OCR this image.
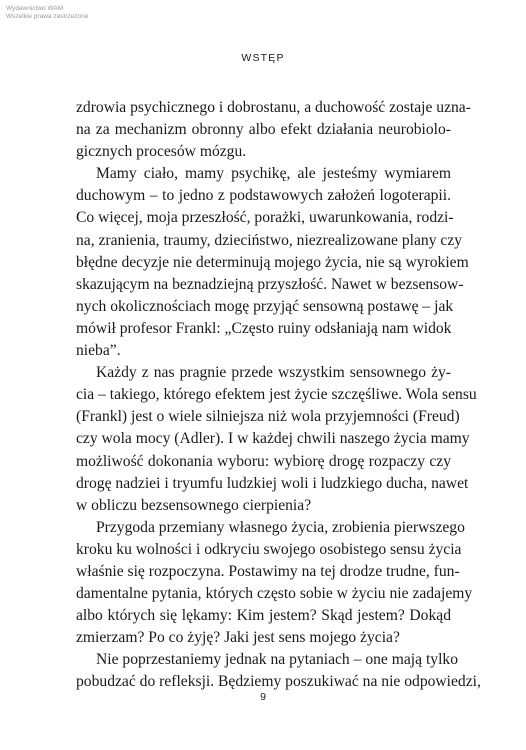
Wydawnictwo WAM
Wszelkie prawa zastrzeżone
WSTĘP

zdrowia psychicznego i dobrostanu, a duchowość zostaje uzna-
na za mechanizm obronny albo efekt działania neurobiolo-
gicznych procesów mózgu.

Mamy ciało, mamy psychikę, ale jesteśmy wymiarem
duchowym – to jedno z podstawowych założeń logoterapii.
Co więcej, moja przeszłość, porażki, uwarunkowania, rodzi-
na, zranienia, traumy, dzieciństwo, niezrealizowane plany czy
błędne decyzje nie determinują mojego życia, nie są wyrokiem
skazującym na beznadziejną przyszłość. Nawet w bezsensow-
nych okolicznościach mogę przyjąć sensowną postawę – jak
mówił profesor Frankl: „Często ruiny odsłaniają nam widok
nieba”.

Każdy z nas pragnie przede wszystkim sensownego ży-
cia – takiego, którego efektem jest życie szczęśliwe. Wola sensu
(Frankl) jest o wiele silniejsza niż wola przyjemności (Freud)
czy wola mocy (Adler). I w każdej chwili naszego życia mamy
możliwość dokonania wyboru: wybiorę drogę rozpaczy czy
drogę nadziei i tryumfu ludzkiej woli i ludzkiego ducha, nawet
w obliczu bezsensownego cierpienia?

Przygoda przemiany własnego życia, zrobienia pierwszego
kroku ku wolności i odkryciu swojego osobistego sensu życia
właśnie się rozpoczyna. Postawimy na tej drodze trudne, fun-
damentalne pytania, których często sobie w życiu nie zadajemy
albo których się lękamy: Kim jestem? Skąd jestem? Dokąd
zmierzam? Po co żyję? Jaki jest sens mojego życia?

Nie poprzestaniemy jednak na pytaniach – one mają tylko
pobudzać do refleksji. Będziemy poszukiwać na nie odpowiedzi,

9
